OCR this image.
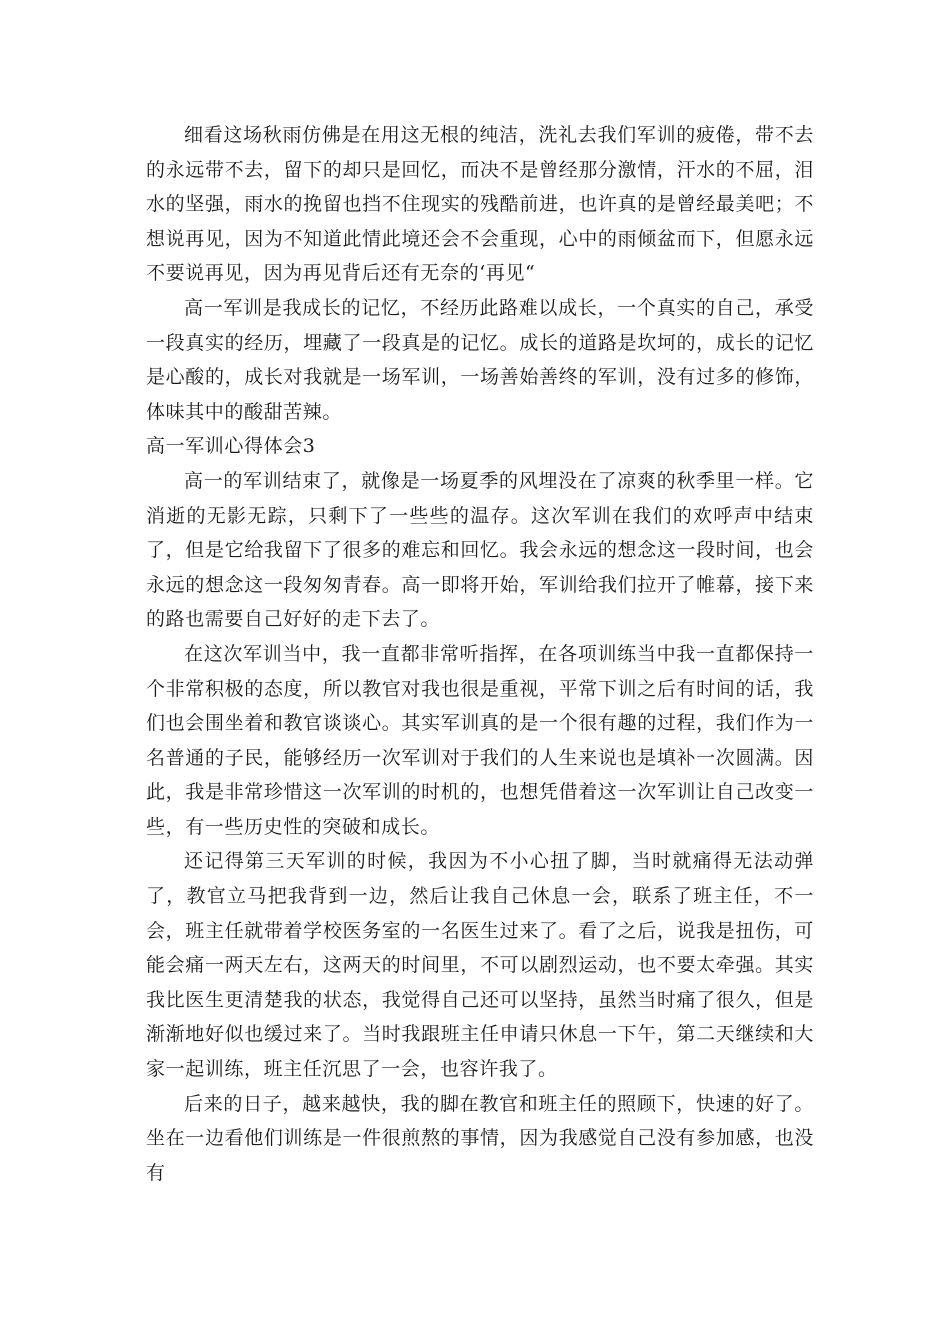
细看这场秋雨仿佛是在用这无根的纯洁，洗礼去我们军训的疲倦，带不去的永远带不去，留下的却只是回忆，而决不是曾经那分激情，汗水的不屈，泪水的坚强，雨水的挽留也挡不住现实的残酷前进，也许真的是曾经最美吧；不想说再见，因为不知道此情此境还会不会重现，心中的雨倾盆而下，但愿永远不要说再见，因为再见背后还有无奈的‘再见“

高一军训是我成长的记忆，不经历此路难以成长，一个真实的自己，承受一段真实的经历，埋藏了一段真是的记忆。成长的道路是坎坷的，成长的记忆是心酸的，成长对我就是一场军训，一场善始善终的军训，没有过多的修饰，体味其中的酸甜苦辣。

高一军训心得体会3

高一的军训结束了，就像是一场夏季的风埋没在了凉爽的秋季里一样。它消逝的无影无踪，只剩下了一些些的温存。这次军训在我们的欢呼声中结束了，但是它给我留下了很多的难忘和回忆。我会永远的想念这一段时间，也会永远的想念这一段匆匆青春。高一即将开始，军训给我们拉开了帷幕，接下来的路也需要自己好好的走下去了。

在这次军训当中，我一直都非常听指挥，在各项训练当中我一直都保持一个非常积极的态度，所以教官对我也很是重视，平常下训之后有时间的话，我们也会围坐着和教官谈谈心。其实军训真的是一个很有趣的过程，我们作为一名普通的子民，能够经历一次军训对于我们的人生来说也是填补一次圆满。因此，我是非常珍惜这一次军训的时机的，也想凭借着这一次军训让自己改变一些，有一些历史性的突破和成长。

还记得第三天军训的时候，我因为不小心扭了脚，当时就痛得无法动弹了，教官立马把我背到一边，然后让我自己休息一会，联系了班主任，不一会，班主任就带着学校医务室的一名医生过来了。看了之后，说我是扭伤，可能会痛一两天左右，这两天的时间里，不可以剧烈运动，也不要太牵强。其实我比医生更清楚我的状态，我觉得自己还可以坚持，虽然当时痛了很久，但是渐渐地好似也缓过来了。当时我跟班主任申请只休息一下午，第二天继续和大家一起训练，班主任沉思了一会，也容许我了。

后来的日子，越来越快，我的脚在教官和班主任的照顾下，快速的好了。坐在一边看他们训练是一件很煎熬的事情，因为我感觉自己没有参加感，也没有
